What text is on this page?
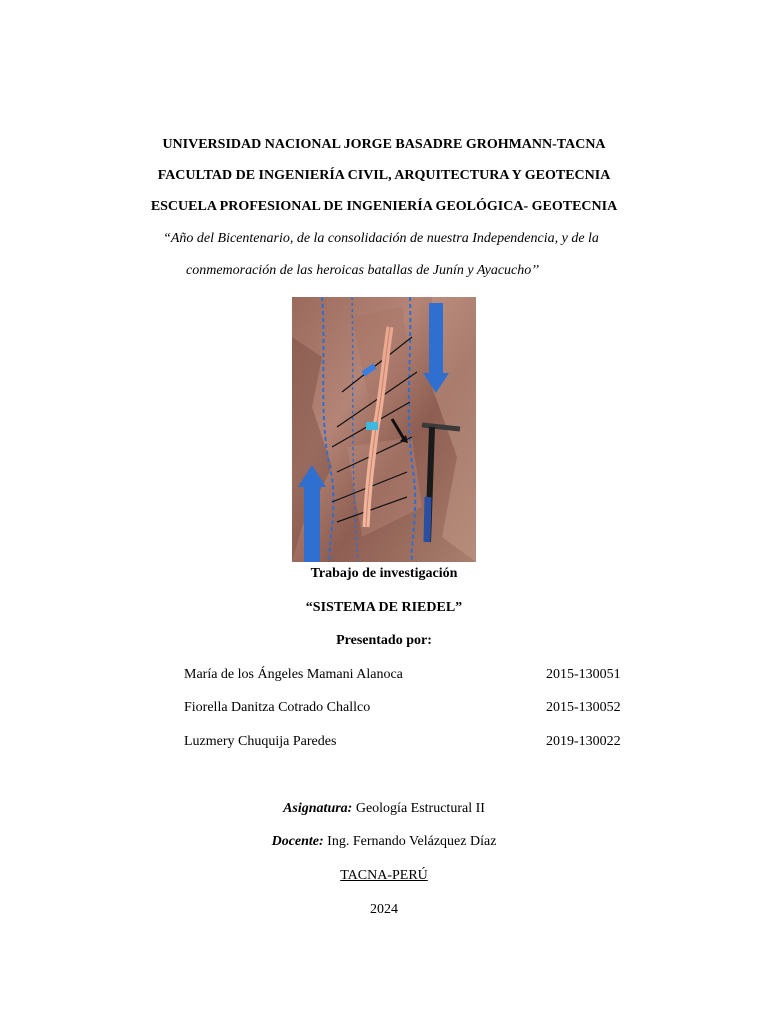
UNIVERSIDAD NACIONAL JORGE BASADRE GROHMANN-TACNA
FACULTAD DE INGENIERÍA CIVIL, ARQUITECTURA Y GEOTECNIA
ESCUELA PROFESIONAL DE INGENIERÍA GEOLÓGICA- GEOTECNIA
“Año del Bicentenario, de la consolidación de nuestra Independencia, y de la
conmemoración de las heroicas batallas de Junín y Ayacucho’’
Trabajo de investigación
“SISTEMA DE RIEDEL”
Presentado por:
María de los Ángeles Mamani Alanoca	2015-130051
Fiorella Danitza Cotrado Challco	2015-130052
Luzmery Chuquija Paredes	2019-130022
Asignatura: Geología Estructural II
Docente: Ing. Fernando Velázquez Díaz
TACNA-PERÚ
2024
